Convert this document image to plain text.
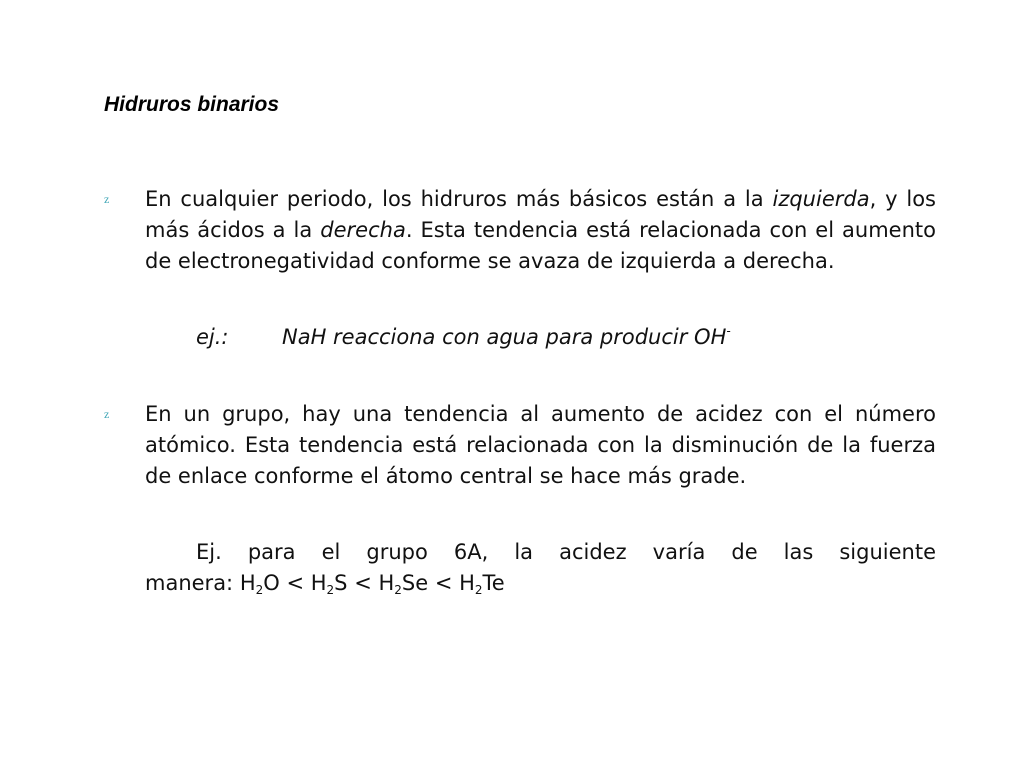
Hidruros binarios
z En cualquier periodo, los hidruros más básicos están a la izquierda, y los más ácidos a la derecha. Esta tendencia está relacionada con el aumento de electronegatividad conforme se avaza de izquierda a derecha.
ej.:	NaH reacciona con agua para producir OH-
z En un grupo, hay una tendencia al aumento de acidez con el número atómico. Esta tendencia está relacionada con la disminución de la fuerza de enlace conforme el átomo central se hace más grade.
Ej. para el grupo 6A, la acidez varía de las siguiente
manera: $H_2O < H_2S < H_2Se < H_2Te$
